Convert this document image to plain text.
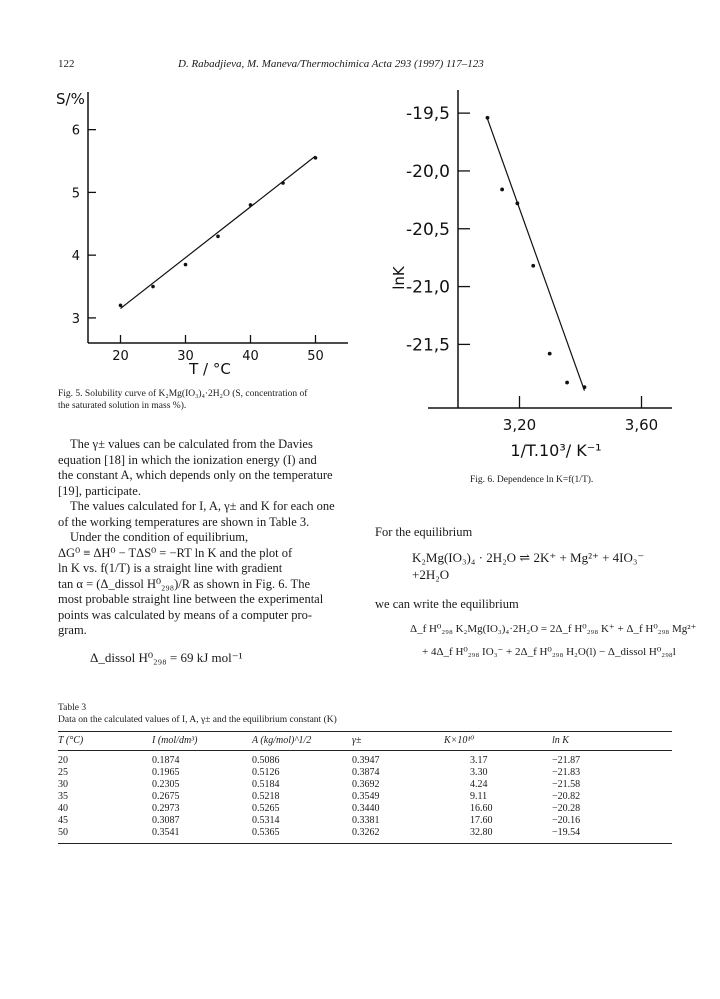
122	D. Rabadjieva, M. Maneva/Thermochimica Acta 293 (1997) 117–123
S/%
20	30	40	50
3
4
5
6
T / °C
Fig. 5. Solubility curve of K₂Mg(IO₃)₄·2H₂O (S, concentration of
the saturated solution in mass %).
3,20	3,60
-19,5
-20,0
-20,5
-21,0
-21,5
lnK
1/T.10³/ K⁻¹
Fig. 6. Dependence ln K=f(1/T).
The γ± values can be calculated from the Davies
equation [18] in which the ionization energy (I) and
the constant A, which depends only on the temperature
[19], participate.
The values calculated for I, A, γ± and K for each one
of the working temperatures are shown in Table 3.
Under the condition of equilibrium,
ΔG⁰ ≡ ΔH⁰ − TΔS⁰ = −RT ln K and the plot of
ln K vs. f(1/T) is a straight line with gradient
tan α = (Δ_dissol H⁰₂₉₈)/R as shown in Fig. 6. The
most probable straight line between the experimental
points was calculated by means of a computer pro-
gram.
Δ_dissol H⁰₂₉₈ = 69 kJ mol⁻¹
For the equilibrium
K₂Mg(IO₃)₄ · 2H₂O ⇌ 2K⁺ + Mg²⁺ + 4IO₃⁻
+2H₂O
we can write the equilibrium
Δ_f H⁰₂₉₈ K₂Mg(IO₃)₄·2H₂O = 2Δ_f H⁰₂₉₈ K⁺ + Δ_f H⁰₂₉₈ Mg²⁺
+ 4Δ_f H⁰₂₉₈ IO₃⁻ + 2Δ_f H⁰₂₉₈ H₂O(l) − Δ_dissol H⁰₂₉₈l
Table 3
Data on the calculated values of I, A, γ± and the equilibrium constant (K)
T (°C)	I (mol/dm³)	A (kg/mol)^1/2	γ±	K×10¹⁰	ln K
20	0.1874	0.5086	0.3947	3.17	−21.87
25	0.1965	0.5126	0.3874	3.30	−21.83
30	0.2305	0.5184	0.3692	4.24	−21.58
35	0.2675	0.5218	0.3549	9.11	−20.82
40	0.2973	0.5265	0.3440	16.60	−20.28
45	0.3087	0.5314	0.3381	17.60	−20.16
50	0.3541	0.5365	0.3262	32.80	−19.54
